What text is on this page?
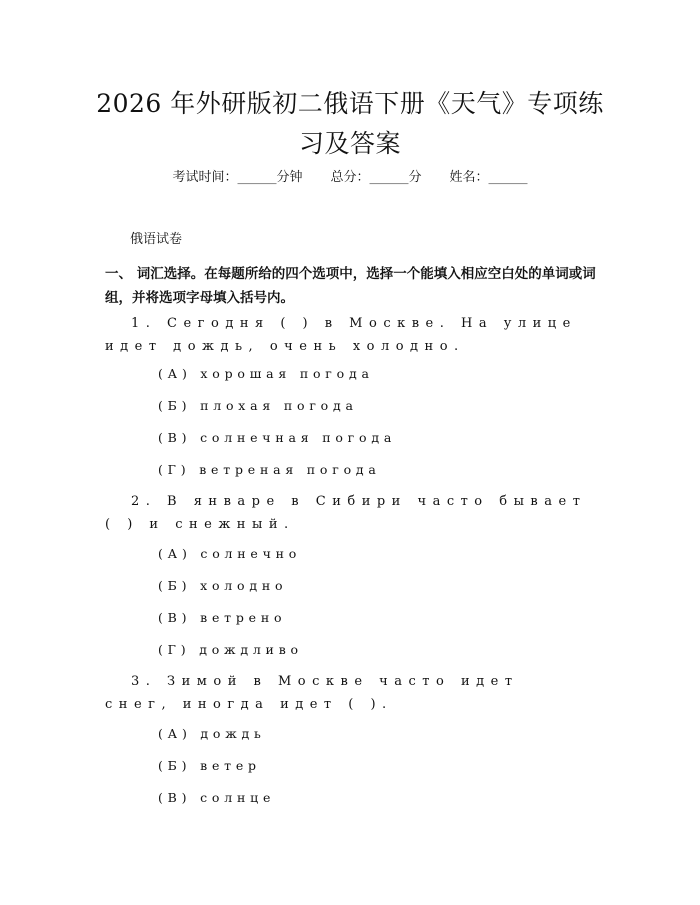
2026 年外研版初二俄语下册《天气》专项练习及答案
考试时间：______分钟 总分：______分 姓名：______
俄语试卷
一、 词汇选择。在每题所给的四个选项中，选择一个能填入相应空白处的单词或词组，并将选项字母填入括号内。
1. Сегодня ( ) в Москве. На улице идет дождь, очень холодно.
(А) хорошая погода
(Б) плохая погода
(В) солнечная погода
(Г) ветреная погода
2. В январе в Сибири часто бывает ( ) и снежный.
(А) солнечно
(Б) холодно
(В) ветрено
(Г) дождливо
3. Зимой в Москве часто идет снег, иногда идет ( ).
(А) дождь
(Б) ветер
(В) солнце
